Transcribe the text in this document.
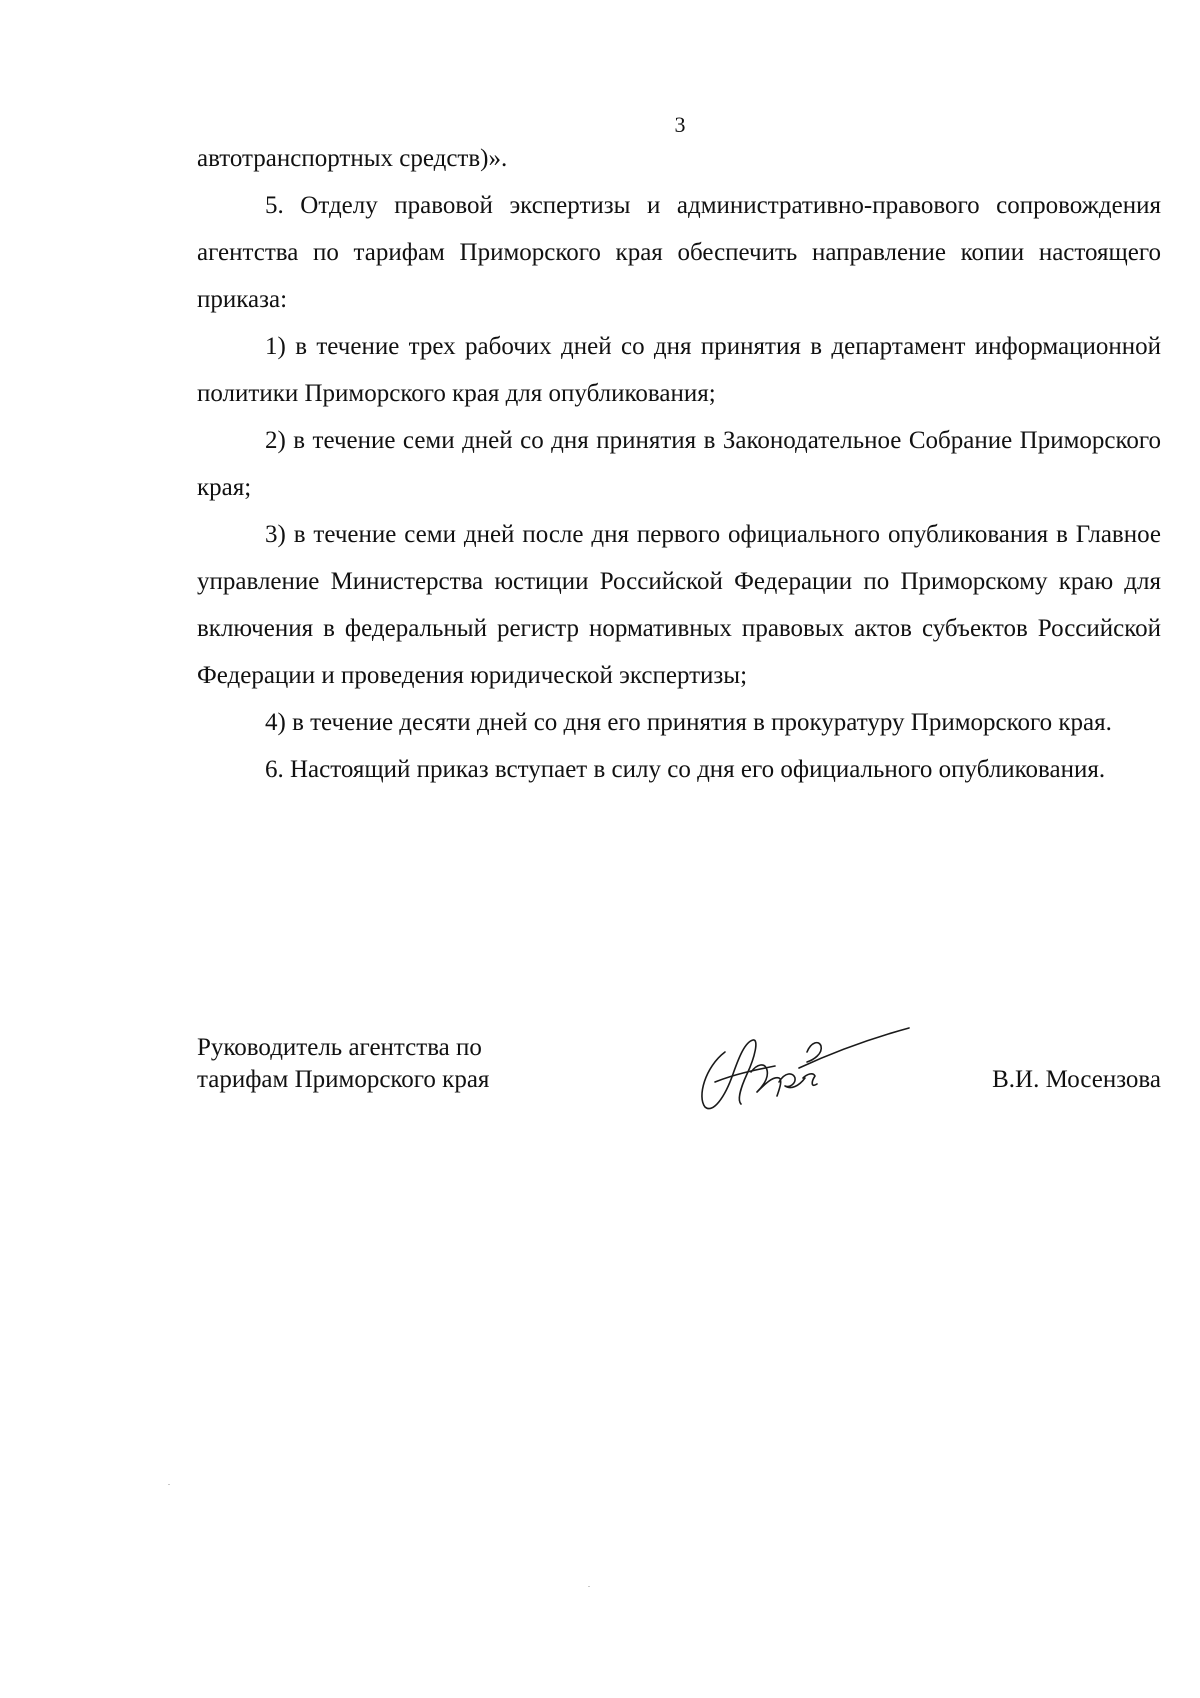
3

автотранспортных средств)».

5. Отделу правовой экспертизы и административно-правового сопровождения агентства по тарифам Приморского края обеспечить направление копии настоящего приказа:

1) в течение трех рабочих дней со дня принятия в департамент информационной политики Приморского края для опубликования;

2) в течение семи дней со дня принятия в Законодательное Собрание Приморского края;

3) в течение семи дней после дня первого официального опубликования в Главное управление Министерства юстиции Российской Федерации по Приморскому краю для включения в федеральный регистр нормативных правовых актов субъектов Российской Федерации и проведения юридической экспертизы;

4) в течение десяти дней со дня его принятия в прокуратуру Приморского края.

6. Настоящий приказ вступает в силу со дня его официального опубликования.

Руководитель агентства по
тарифам Приморского края	В.И. Мосензова
